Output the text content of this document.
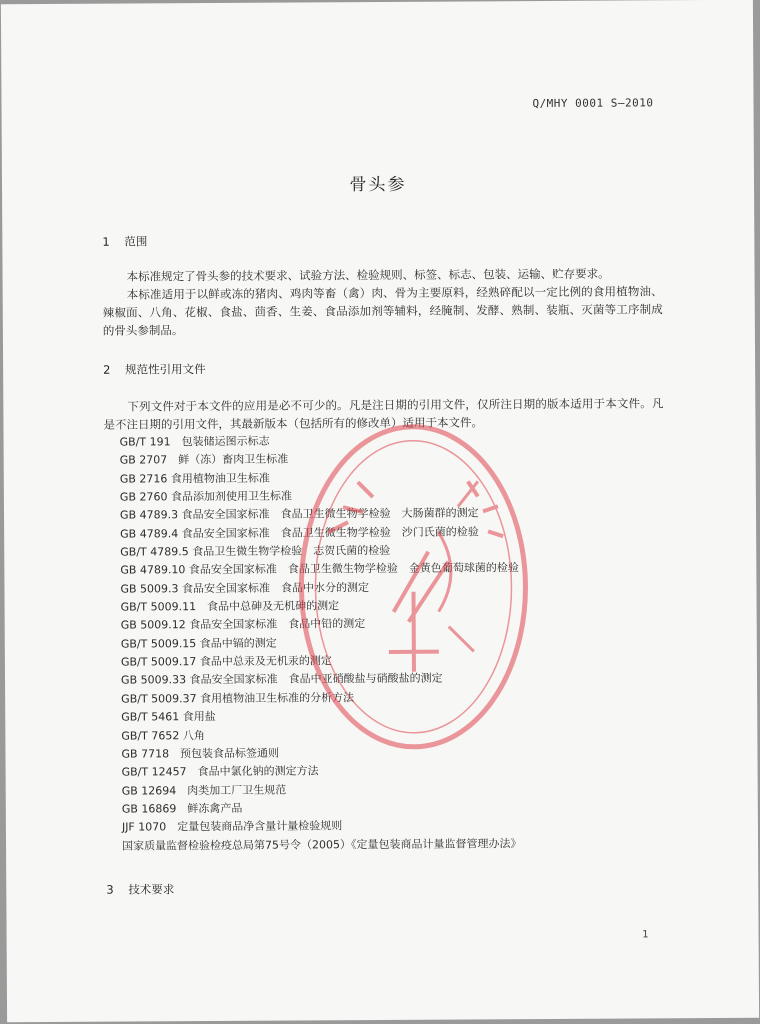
Q/MHY 0001 S—2010
骨头参
1 范围

本标准规定了骨头参的技术要求、试验方法、检验规则、标签、标志、包装、运输、贮存要求。

本标准适用于以鲜或冻的猪肉、鸡肉等畜（禽）肉、骨为主要原料，经熟碎配以一定比例的食用植物油、辣椒面、八角、花椒、食盐、茴香、生姜、食品添加剂等辅料，经腌制、发酵、熟制、装瓶、灭菌等工序制成的骨头参制品。

2 规范性引用文件

下列文件对于本文件的应用是必不可少的。凡是注日期的引用文件，仅所注日期的版本适用于本文件。凡是不注日期的引用文件，其最新版本（包括所有的修改单）适用于本文件。

GB/T 191　包装储运图示标志
GB 2707　鲜（冻）畜肉卫生标准
GB 2716 食用植物油卫生标准
GB 2760 食品添加剂使用卫生标准
GB 4789.3 食品安全国家标准　食品卫生微生物学检验　大肠菌群的测定
GB 4789.4 食品安全国家标准　食品卫生微生物学检验　沙门氏菌的检验
GB/T 4789.5 食品卫生微生物学检验　志贺氏菌的检验
GB 4789.10 食品安全国家标准　食品卫生微生物学检验　金黄色葡萄球菌的检验
GB 5009.3 食品安全国家标准　食品中水分的测定
GB/T 5009.11　食品中总砷及无机砷的测定
GB 5009.12 食品安全国家标准　食品中铅的测定
GB/T 5009.15 食品中镉的测定
GB/T 5009.17 食品中总汞及无机汞的测定
GB 5009.33 食品安全国家标准　食品中亚硝酸盐与硝酸盐的测定
GB/T 5009.37 食用植物油卫生标准的分析方法
GB/T 5461 食用盐
GB/T 7652 八角
GB 7718　预包装食品标签通则
GB/T 12457　食品中氯化钠的测定方法
GB 12694　肉类加工厂卫生规范
GB 16869　鲜冻禽产品
JJF 1070　定量包装商品净含量计量检验规则
国家质量监督检验检疫总局第75号令（2005）《定量包装商品计量监督管理办法》
3 技术要求
1
